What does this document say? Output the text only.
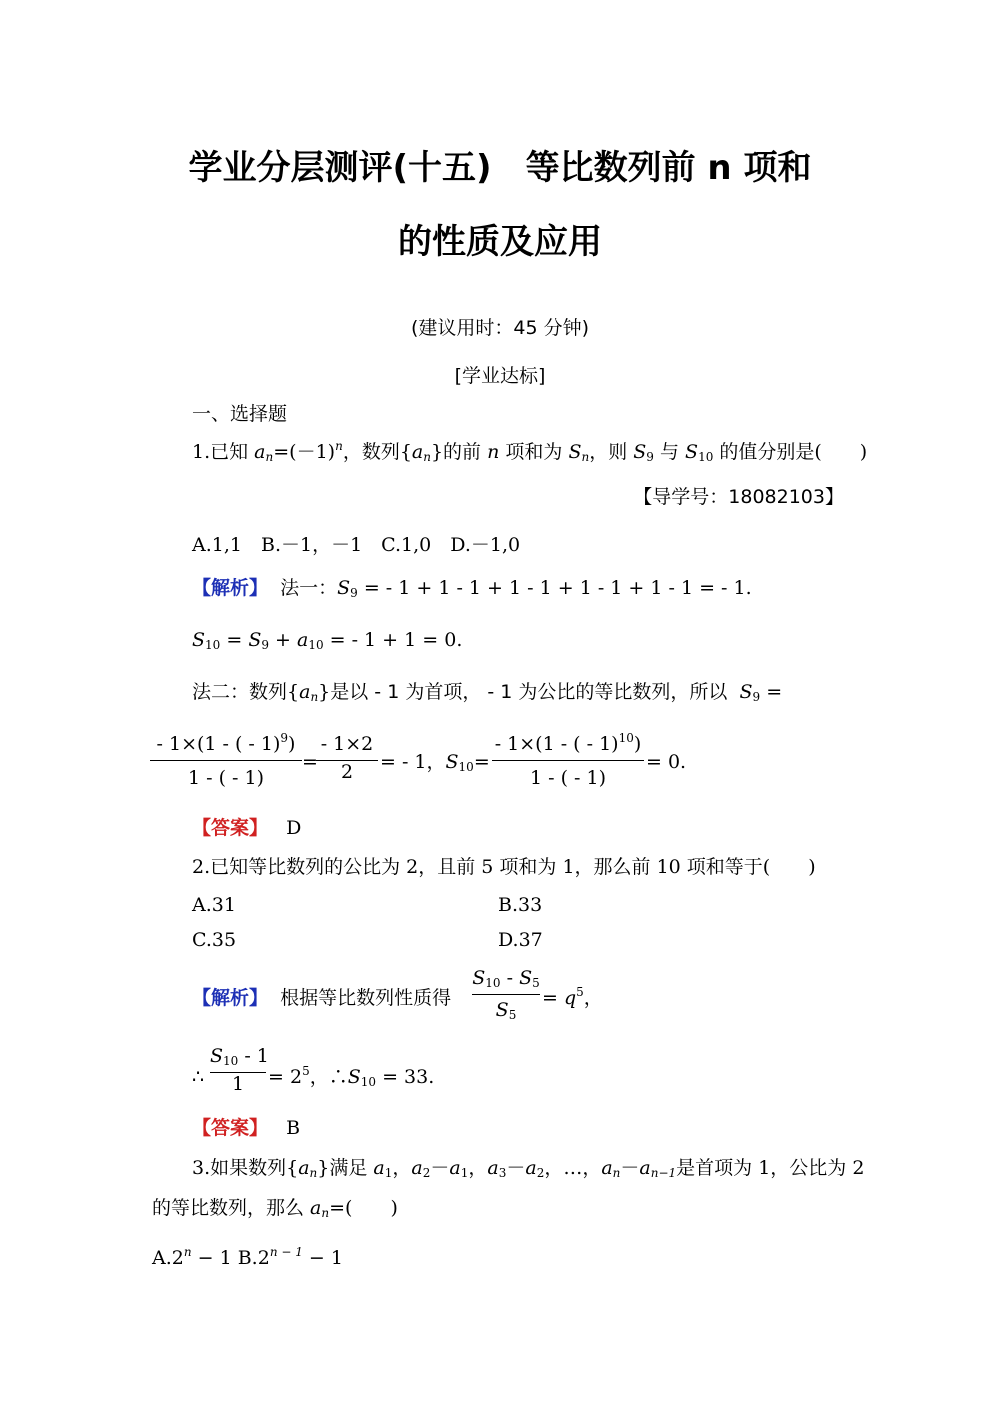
学业分层测评(十五)　等比数列前 n 项和
的性质及应用
(建议用时：45 分钟)
[学业达标]
一、选择题
1.已知 $a_n=(-1)^n$，数列$\{a_n\}$的前 n 项和为 $S_n$，则 $S_9$ 与 $S_{10}$ 的值分别是(　　)
【导学号：18082103】
A.1,1　B.－1，－1　C.1,0　D.－1,0
【解析】 法一：$S_9$ = - 1 + 1 - 1 + 1 - 1 + 1 - 1 + 1 - 1 = - 1.
$S_{10} = S_9 + a_{10}$ = - 1 + 1 = 0.
法二：数列$\{a_n\}$是以 - 1 为首项， - 1 为公比的等比数列，所以 $S_9$ =
- 1×(1 - ( - 1)$^9$)
1 - ( - 1)
=
- 1×2
2	= - 1，$S_{10}=$
- 1×(1 - ( - 1)$^{10}$)
1 - ( - 1)
= 0.
【答案】 D
2.已知等比数列的公比为 2，且前 5 项和为 1，那么前 10 项和等于(　　)
A.31	B.33
C.35	D.37
【解析】 根据等比数列性质得
$S_{10} - S_5$
$S_5$
= $q^5$，
∴
$S_{10} - 1$
1	= $2^5$，$\therefore S_{10} = 33$.
【答案】 B
3.如果数列$\{a_n\}$满足 $a_1$，$a_2-a_1$，$a_3-a_2$，…，$a_n-a_{n-1}$是首项为 1，公比为 2
的等比数列，那么 $a_n=$(　　)
$A.2^n - 1$ $B.2^{n - 1} - 1$
